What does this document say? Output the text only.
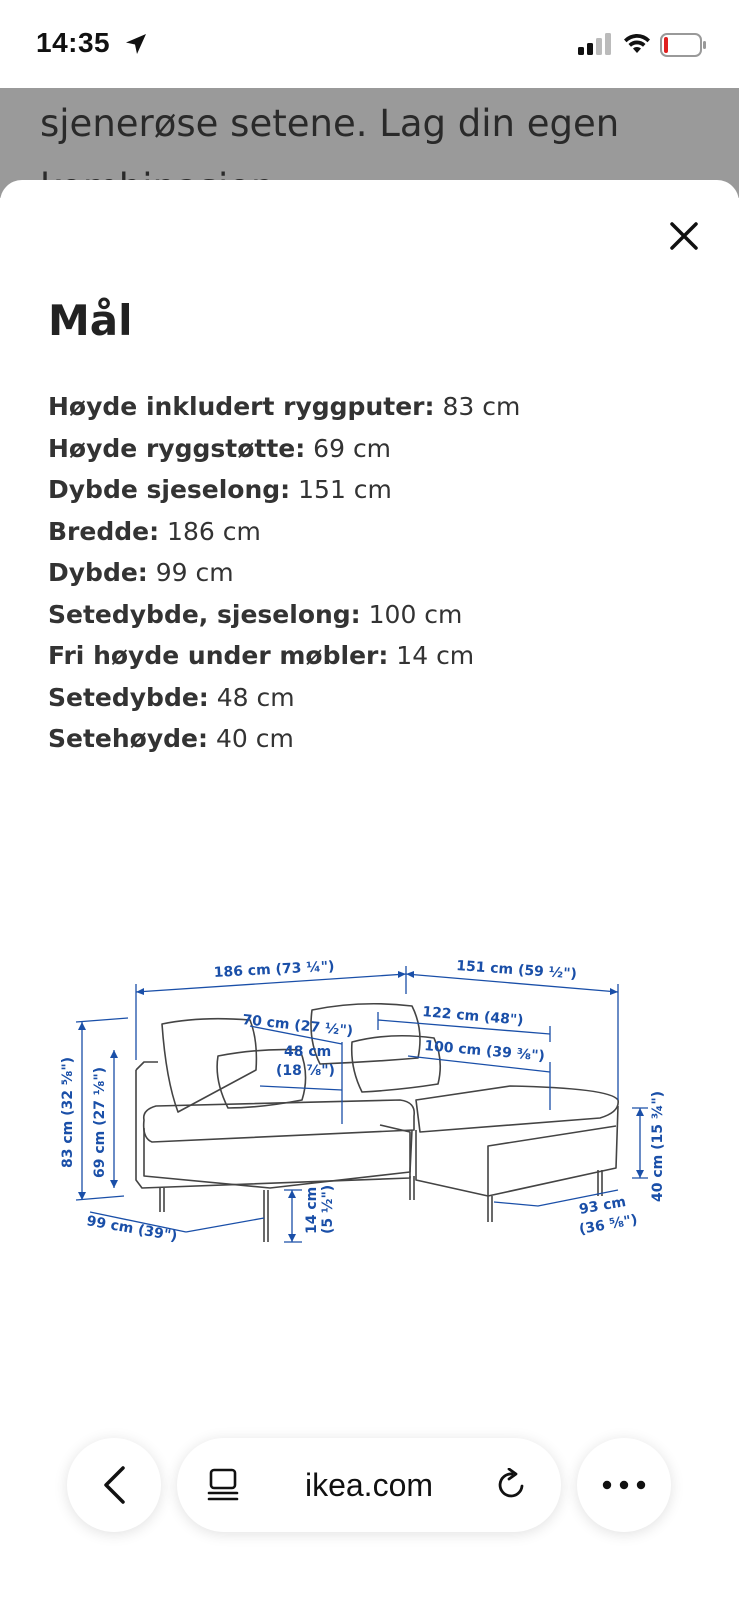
14:35
sjenerøse setene. Lag din egen
Mål
Høyde inkludert ryggputer: 83 cm
Høyde ryggstøtte: 69 cm
Dybde sjeselong: 151 cm
Bredde: 186 cm
Dybde: 99 cm
Setedybde, sjeselong: 100 cm
Fri høyde under møbler: 14 cm
Setedybde: 48 cm
Setehøyde: 40 cm
186 cm (73 ¼")	151 cm (59 ½")
70 cm (27 ½")	122 cm (48")
48 cm
(18 ⅞")
100 cm (39 ⅜")
83 cm (32 ⅝") 69 cm (27 ⅛")
99 cm (39")	14 cm (5 ½")	93 cm
(36 ⅝")
40 cm (15 ¾")
ikea.com
